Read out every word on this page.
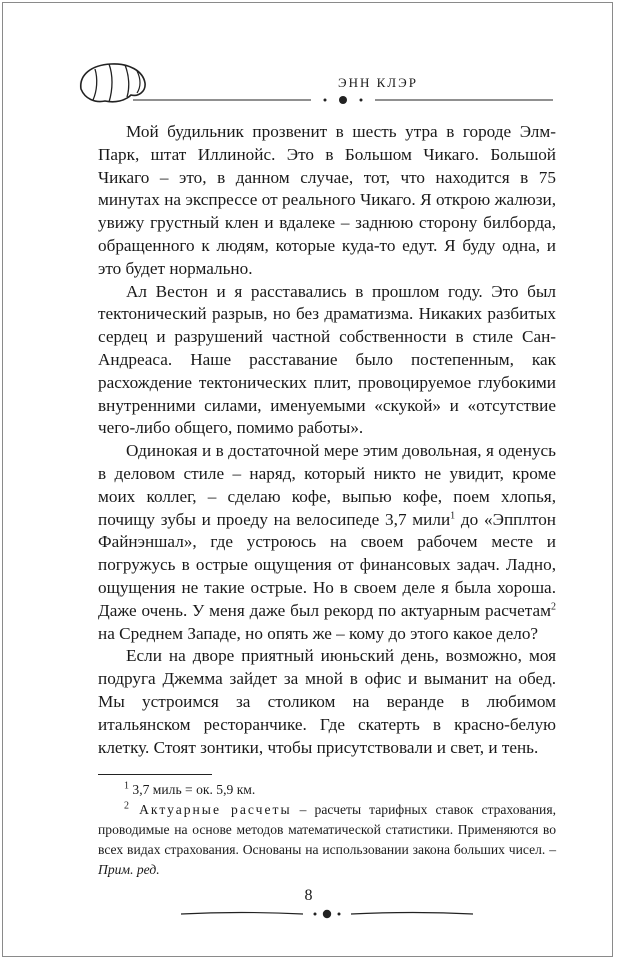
ЭНН КЛЭР

Мой будильник прозвенит в шесть утра в городе Элм-Парк, штат Иллинойс. Это в Большом Чикаго. Большой Чикаго – это, в данном случае, тот, что находится в 75 минутах на экспрессе от реального Чикаго. Я открою жалюзи, увижу грустный клен и вдалеке – заднюю сторону билборда, обращенного к людям, которые куда-то едут. Я буду одна, и это будет нормально.

Ал Вестон и я расставались в прошлом году. Это был тектонический разрыв, но без драматизма. Никаких разбитых сердец и разрушений частной собственности в стиле Сан-Андреаса. Наше расставание было постепенным, как расхождение тектонических плит, провоцируемое глубокими внутренними силами, именуемыми «скукой» и «отсутствие чего-либо общего, помимо работы».

Одинокая и в достаточной мере этим довольная, я оденусь в деловом стиле – наряд, который никто не увидит, кроме моих коллег, – сделаю кофе, выпью кофе, поем хлопья, почищу зубы и проеду на велосипеде 3,7 мили$^1$ до «Эпплтон Файнэншал», где устроюсь на своем рабочем месте и погружусь в острые ощущения от финансовых задач. Ладно, ощущения не такие острые. Но в своем деле я была хороша. Даже очень. У меня даже был рекорд по актуарным расчетам$^2$ на Среднем Западе, но опять же – кому до этого какое дело?

Если на дворе приятный июньский день, возможно, моя подруга Джемма зайдет за мной в офис и выманит на обед. Мы устроимся за столиком на веранде в любимом итальянском ресторанчике. Где скатерть в красно-белую клетку. Стоят зонтики, чтобы присутствовали и свет, и тень.

$^1$ 3,7 миль = ок. 5,9 км.

$^2$ Актуарные расчеты – расчеты тарифных ставок страхования, проводимые на основе методов математической статистики. Применяются во всех видах страхования. Основаны на использовании закона больших чисел. – Прим. ред.

8
